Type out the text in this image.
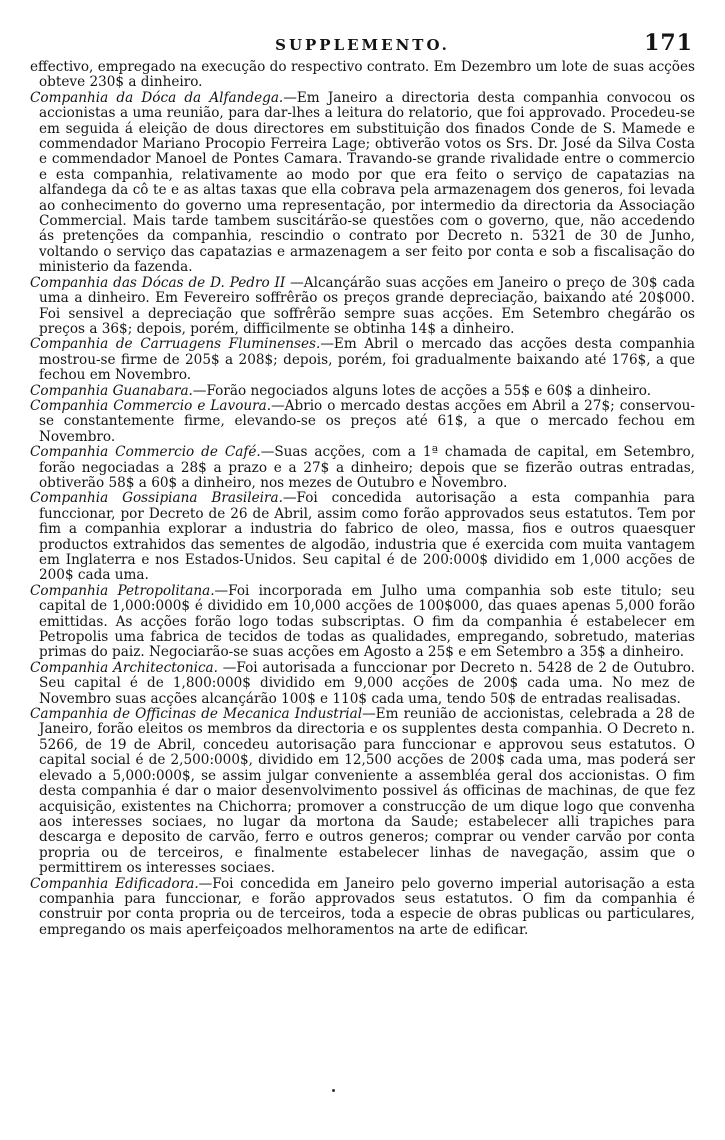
SUPPLEMENTO.	171

effectivo, empregado na execução do respectivo contrato. Em Dezembro um lote de suas acções obteve 230$ a dinheiro.

Companhia da Dóca da Alfandega.—Em Janeiro a directoria desta companhia convocou os accionistas a uma reunião, para dar-lhes a leitura do relatorio, que foi approvado. Procedeu-se em seguida á eleição de dous directores em substituição dos finados Conde de S. Mamede e commendador Mariano Procopio Ferreira Lage; obtiverão votos os Srs. Dr. José da Silva Costa e commendador Manoel de Pontes Camara. Travando-se grande rivalidade entre o commercio e esta companhia, relativamente ao modo por que era feito o serviço de capatazias na alfandega da cô te e as altas taxas que ella cobrava pela armazenagem dos generos, foi levada ao conhecimento do governo uma representação, por intermedio da directoria da Associação Commercial. Mais tarde tambem suscitárão-se questões com o governo, que, não accedendo ás pretenções da companhia, rescindio o contrato por Decreto n. 5321 de 30 de Junho, voltando o serviço das capatazias e armazenagem a ser feito por conta e sob a fiscalisação do ministerio da fazenda.

Companhia das Dócas de D. Pedro II —Alcançárão suas acções em Janeiro o preço de 30$ cada uma a dinheiro. Em Fevereiro soffrêrão os preços grande depreciação, baixando até 20$000. Foi sensivel a depreciação que soffrêrão sempre suas acções. Em Setembro chegárão os preços a 36$; depois, porém, difficilmente se obtinha 14$ a dinheiro.

Companhia de Carruagens Fluminenses.—Em Abril o mercado das acções desta companhia mostrou-se firme de 205$ a 208$; depois, porém, foi gradualmente baixando até 176$, a que fechou em Novembro.

Companhia Guanabara.—Forão negociados alguns lotes de acções a 55$ e 60$ a dinheiro.

Companhia Commercio e Lavoura.—Abrio o mercado destas acções em Abril a 27$; conservou-se constantemente firme, elevando-se os preços até 61$, a que o mercado fechou em Novembro.

Companhia Commercio de Café.—Suas acções, com a 1ª chamada de capital, em Setembro, forão negociadas a 28$ a prazo e a 27$ a dinheiro; depois que se fizerão outras entradas, obtiverão 58$ a 60$ a dinheiro, nos mezes de Outubro e Novembro.

Companhia Gossipiana Brasileira.—Foi concedida autorisação a esta companhia para funccionar, por Decreto de 26 de Abril, assim como forão approvados seus estatutos. Tem por fim a companhia explorar a industria do fabrico de oleo, massa, fios e outros quaesquer productos extrahidos das sementes de algodão, industria que é exercida com muita vantagem em Inglaterra e nos Estados-Unidos. Seu capital é de 200:000$ dividido em 1,000 acções de 200$ cada uma.

Companhia Petropolitana.—Foi incorporada em Julho uma companhia sob este titulo; seu capital de 1,000:000$ é dividido em 10,000 acções de 100$000, das quaes apenas 5,000 forão emittidas. As acções forão logo todas subscriptas. O fim da companhia é estabelecer em Petropolis uma fabrica de tecidos de todas as qualidades, empregando, sobretudo, materias primas do paiz. Negociarão-se suas acções em Agosto a 25$ e em Setembro a 35$ a dinheiro.

Companhia Architectonica. —Foi autorisada a funccionar por Decreto n. 5428 de 2 de Outubro. Seu capital é de 1,800:000$ dividido em 9,000 acções de 200$ cada uma. No mez de Novembro suas acções alcançárão 100$ e 110$ cada uma, tendo 50$ de entradas realisadas.

Campanhia de Officinas de Mecanica Industrial—Em reunião de accionistas, celebrada a 28 de Janeiro, forão eleitos os membros da directoria e os supplentes desta companhia. O Decreto n. 5266, de 19 de Abril, concedeu autorisação para funccionar e approvou seus estatutos. O capital social é de 2,500:000$, dividido em 12,500 acções de 200$ cada uma, mas poderá ser elevado a 5,000:000$, se assim julgar conveniente a assembléa geral dos accionistas. O fim desta companhia é dar o maior desenvolvimento possivel ás officinas de machinas, de que fez acquisição, existentes na Chichorra; promover a construcção de um dique logo que convenha aos interesses sociaes, no lugar da mortona da Saude; estabelecer alli trapiches para descarga e deposito de carvão, ferro e outros generos; comprar ou vender carvão por conta propria ou de terceiros, e finalmente estabelecer linhas de navegação, assim que o permittirem os interesses sociaes.

Companhia Edificadora.—Foi concedida em Janeiro pelo governo imperial autorisação a esta companhia para funccionar, e forão approvados seus estatutos. O fim da companhia é construir por conta propria ou de terceiros, toda a especie de obras publicas ou particulares, empregando os mais aperfeiçoados melhoramentos na arte de edificar.
